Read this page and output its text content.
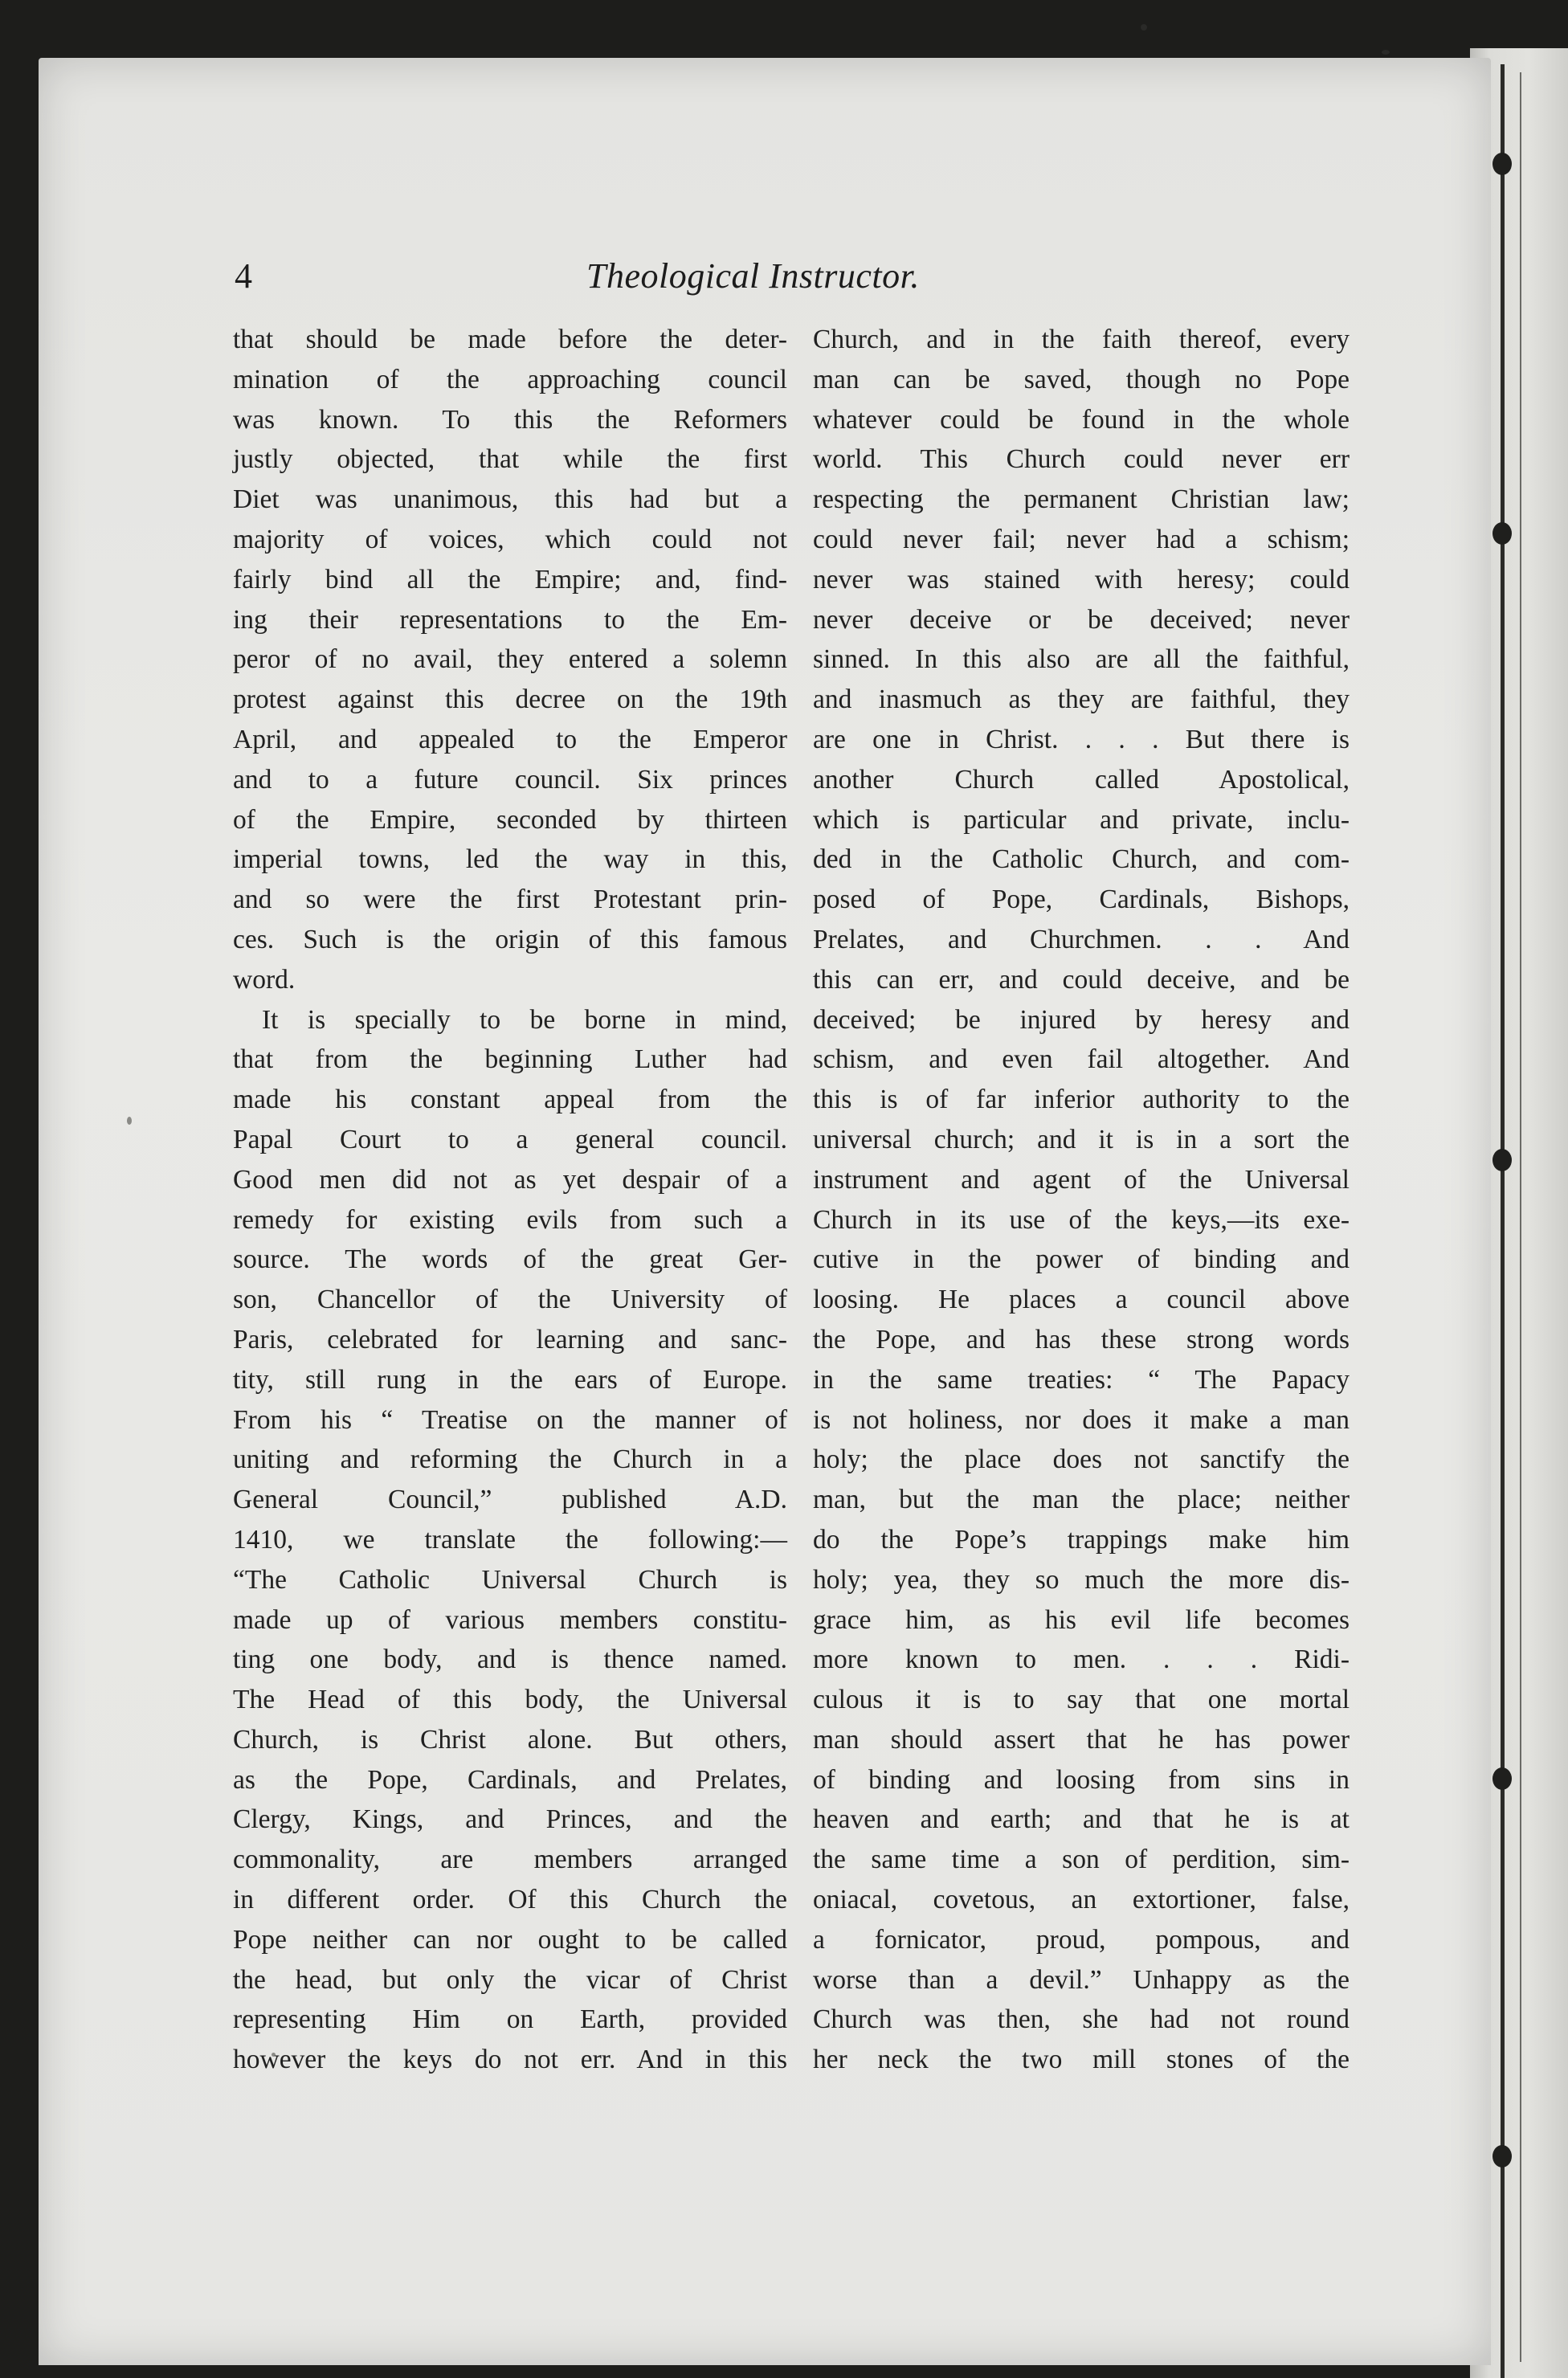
4	Theological Instructor.
that should be made before the deter-
mination of the approaching council
was known. To this the Reformers
justly objected, that while the first
Diet was unanimous, this had but a
majority of voices, which could not
fairly bind all the Empire; and, find-
ing their representations to the Em-
peror of no avail, they entered a solemn
protest against this decree on the 19th
April, and appealed to the Emperor
and to a future council. Six princes
of the Empire, seconded by thirteen
imperial towns, led the way in this,
and so were the first Protestant prin-
ces. Such is the origin of this famous
word.
It is specially to be borne in mind,
that from the beginning Luther had
made his constant appeal from the
Papal Court to a general council.
Good men did not as yet despair of a
remedy for existing evils from such a
source. The words of the great Ger-
son, Chancellor of the University of
Paris, celebrated for learning and sanc-
tity, still rung in the ears of Europe.
From his “ Treatise on the manner of
uniting and reforming the Church in a
General Council,” published A.D.
1410, we translate the following:—
“The Catholic Universal Church is
made up of various members constitu-
ting one body, and is thence named.
The Head of this body, the Universal
Church, is Christ alone. But others,
as the Pope, Cardinals, and Prelates,
Clergy, Kings, and Princes, and the
commonality, are members arranged
in different order. Of this Church the
Pope neither can nor ought to be called
the head, but only the vicar of Christ
representing Him on Earth, provided
however the keys do not err. And in this
Church, and in the faith thereof, every
man can be saved, though no Pope
whatever could be found in the whole
world. This Church could never err
respecting the permanent Christian law;
could never fail; never had a schism;
never was stained with heresy; could
never deceive or be deceived; never
sinned. In this also are all the faithful,
and inasmuch as they are faithful, they
are one in Christ. . . . But there is
another Church called Apostolical,
which is particular and private, inclu-
ded in the Catholic Church, and com-
posed of Pope, Cardinals, Bishops,
Prelates, and Churchmen. . . And
this can err, and could deceive, and be
deceived; be injured by heresy and
schism, and even fail altogether. And
this is of far inferior authority to the
universal church; and it is in a sort the
instrument and agent of the Universal
Church in its use of the keys,—its exe-
cutive in the power of binding and
loosing. He places a council above
the Pope, and has these strong words
in the same treaties: “ The Papacy
is not holiness, nor does it make a man
holy; the place does not sanctify the
man, but the man the place; neither
do the Pope’s trappings make him
holy; yea, they so much the more dis-
grace him, as his evil life becomes
more known to men. . . . Ridi-
culous it is to say that one mortal
man should assert that he has power
of binding and loosing from sins in
heaven and earth; and that he is at
the same time a son of perdition, sim-
oniacal, covetous, an extortioner, false,
a fornicator, proud, pompous, and
worse than a devil.” Unhappy as the
Church was then, she had not round
her neck the two mill stones of the
